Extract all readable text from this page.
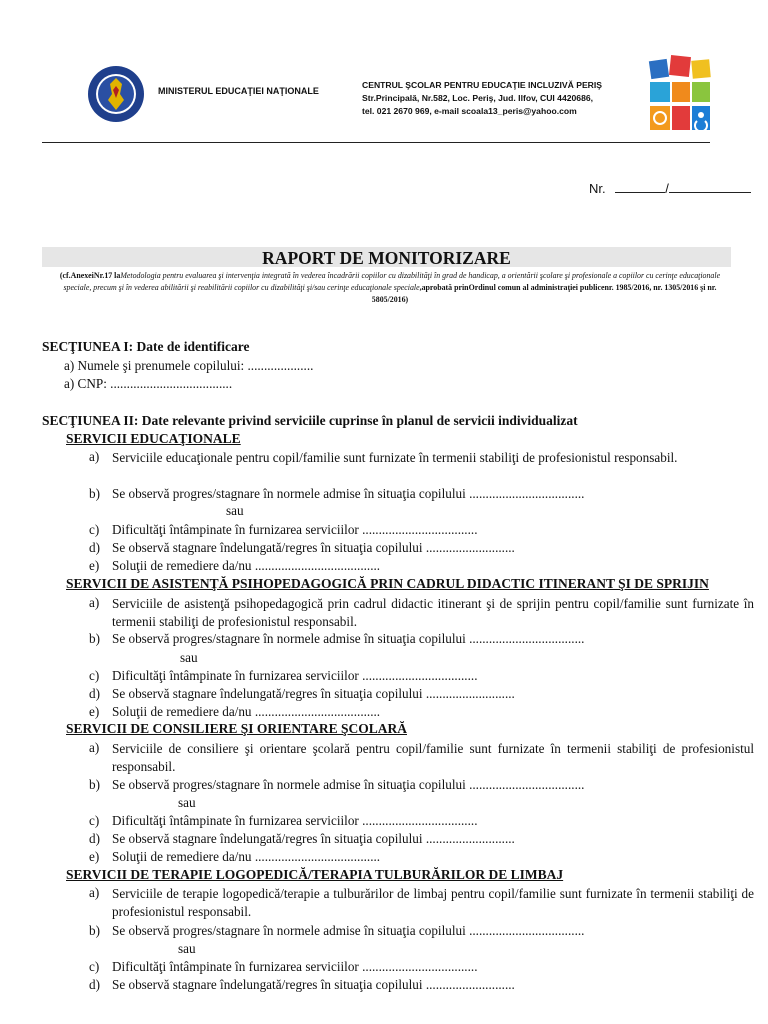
MINISTERUL EDUCAŢIEI NAŢIONALE
CENTRUL ŞCOLAR PENTRU EDUCAŢIE INCLUZIVĂ PERIŞ
Str.Principală, Nr.582, Loc. Periş, Jud. Ilfov, CUI 4420686,
tel. 021 2670 969, e-mail scoala13_peris@yahoo.com
Nr.	/
RAPORT DE MONITORIZARE
(cf.AnexeiNr.17 laMetodologia pentru evaluarea şi intervenţia integrată în vederea încadrării copiilor cu dizabilităţi în grad de handicap, a orientării şcolare şi profesionale a copiilor cu cerinţe educaţionale speciale, precum şi în vederea abilitării şi reabilitării copiilor cu dizabilităţi şi/sau cerinţe educaţionale speciale,aprobată prinOrdinul comun al administraţiei publicenr. 1985/2016, nr. 1305/2016 şi nr. 5805/2016)
SECŢIUNEA I: Date de identificare
a) Numele şi prenumele copilului: ....................
a) CNP: .....................................
SECŢIUNEA II: Date relevante privind serviciile cuprinse în planul de servicii individualizat
SERVICII EDUCAŢIONALE
a) Serviciile educaţionale pentru copil/familie sunt furnizate în termenii stabiliţi de profesionistul responsabil.
b) Se observă progres/stagnare în normele admise în situaţia copilului ...................................
sau
c) Dificultăţi întâmpinate în furnizarea serviciilor ...................................
d) Se observă stagnare îndelungată/regres în situaţia copilului ...........................
e) Soluţii de remediere da/nu ......................................
SERVICII DE ASISTENŢĂ PSIHOPEDAGOGICĂ PRIN CADRUL DIDACTIC ITINERANT ŞI DE SPRIJIN
a) Serviciile de asistenţă psihopedagogică prin cadrul didactic itinerant şi de sprijin pentru copil/familie sunt furnizate în termenii stabiliţi de profesionistul responsabil.
b) Se observă progres/stagnare în normele admise în situaţia copilului ...................................
sau
c) Dificultăţi întâmpinate în furnizarea serviciilor ...................................
d) Se observă stagnare îndelungată/regres în situaţia copilului ...........................
e) Soluţii de remediere da/nu ......................................
SERVICII DE CONSILIERE ŞI ORIENTARE ŞCOLARĂ
a) Serviciile de consiliere şi orientare şcolară pentru copil/familie sunt furnizate în termenii stabiliţi de profesionistul responsabil.
b) Se observă progres/stagnare în normele admise în situaţia copilului ...................................
sau
c) Dificultăţi întâmpinate în furnizarea serviciilor ...................................
d) Se observă stagnare îndelungată/regres în situaţia copilului ...........................
e) Soluţii de remediere da/nu ......................................
SERVICII DE TERAPIE LOGOPEDICĂ/TERAPIA TULBURĂRILOR DE LIMBAJ
a) Serviciile de terapie logopedică/terapie a tulburărilor de limbaj pentru copil/familie sunt furnizate în termenii stabiliţi de profesionistul responsabil.
b) Se observă progres/stagnare în normele admise în situaţia copilului ...................................
sau
c) Dificultăţi întâmpinate în furnizarea serviciilor ...................................
d) Se observă stagnare îndelungată/regres în situaţia copilului ...........................
